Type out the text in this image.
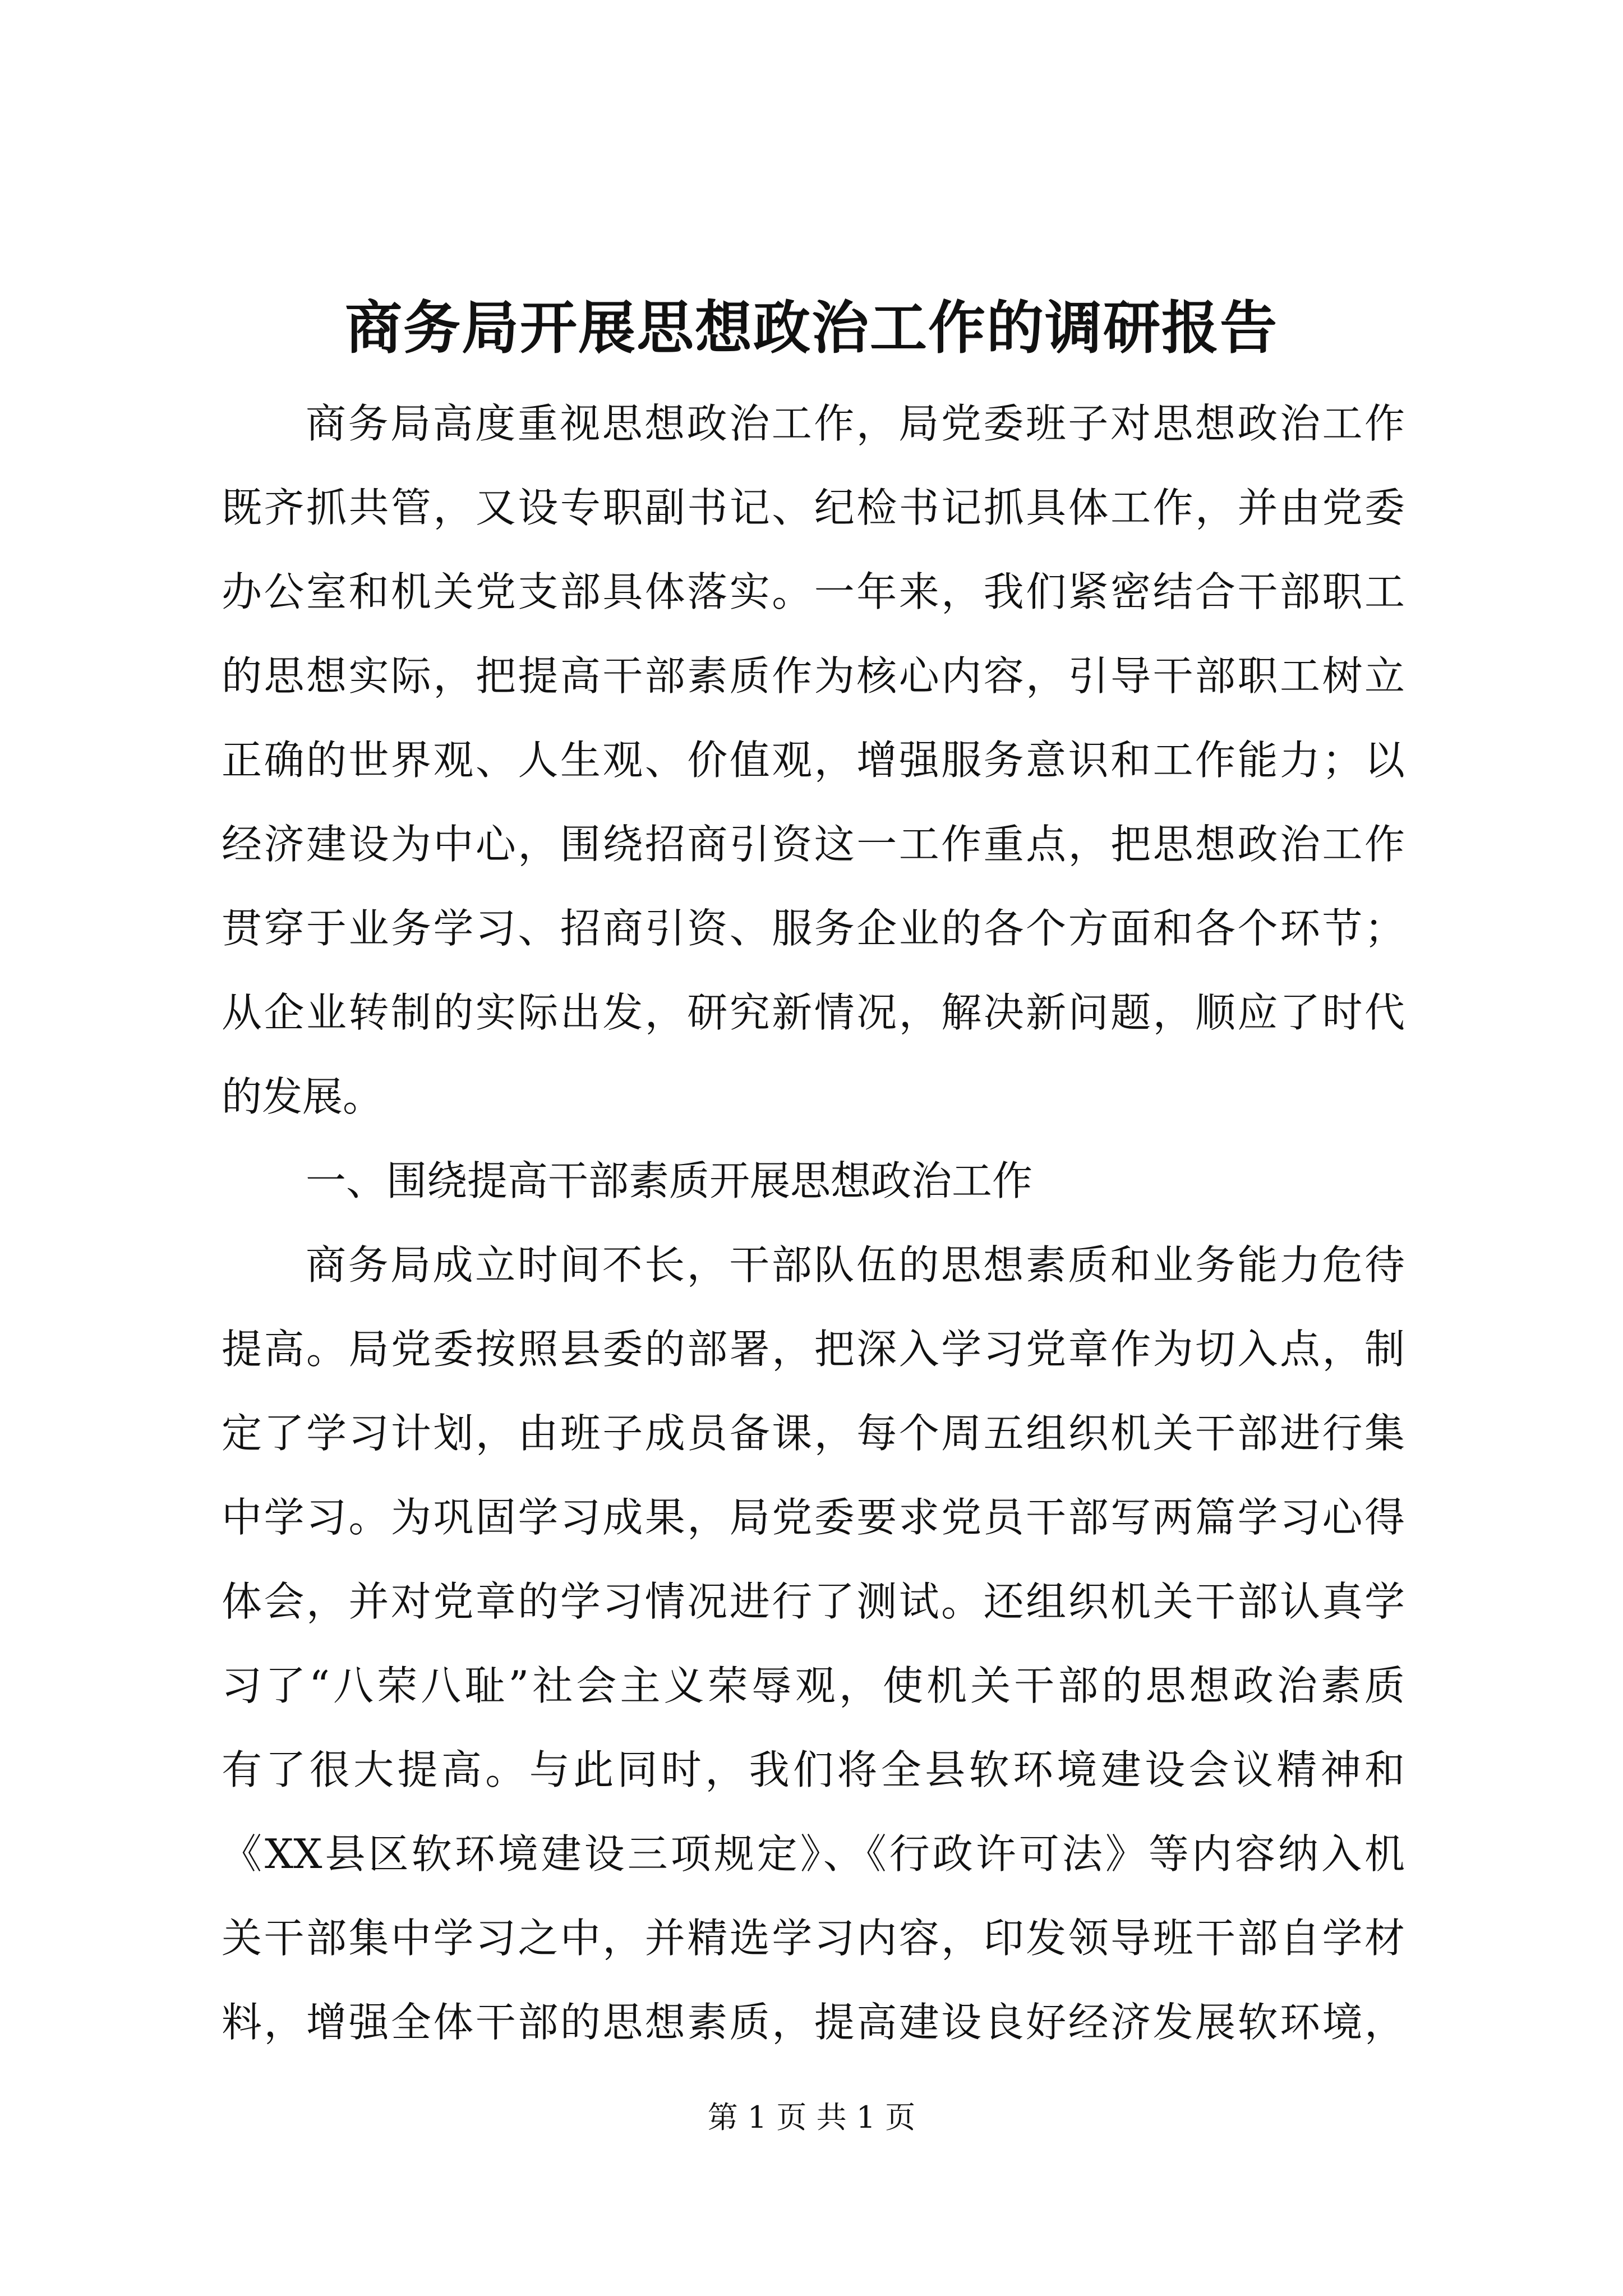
商务局开展思想政治工作的调研报告
商务局高度重视思想政治工作，局党委班子对思想政治工作
既齐抓共管，又设专职副书记、纪检书记抓具体工作，并由党委
办公室和机关党支部具体落实。一年来，我们紧密结合干部职工
的思想实际，把提高干部素质作为核心内容，引导干部职工树立
正确的世界观、人生观、价值观，增强服务意识和工作能力；以
经济建设为中心，围绕招商引资这一工作重点，把思想政治工作
贯穿于业务学习、招商引资、服务企业的各个方面和各个环节；
从企业转制的实际出发，研究新情况，解决新问题，顺应了时代
的发展。
一、围绕提高干部素质开展思想政治工作
商务局成立时间不长，干部队伍的思想素质和业务能力危待
提高。局党委按照县委的部署，把深入学习党章作为切入点，制
定了学习计划，由班子成员备课，每个周五组织机关干部进行集
中学习。为巩固学习成果，局党委要求党员干部写两篇学习心得
体会，并对党章的学习情况进行了测试。还组织机关干部认真学
习了“八荣八耻”社会主义荣辱观，使机关干部的思想政治素质
有了很大提高。与此同时，我们将全县软环境建设会议精神和
《XX县区软环境建设三项规定》、《行政许可法》等内容纳入机
关干部集中学习之中，并精选学习内容，印发领导班干部自学材
料，增强全体干部的思想素质，提高建设良好经济发展软环境，
第 1 页 共 1 页
